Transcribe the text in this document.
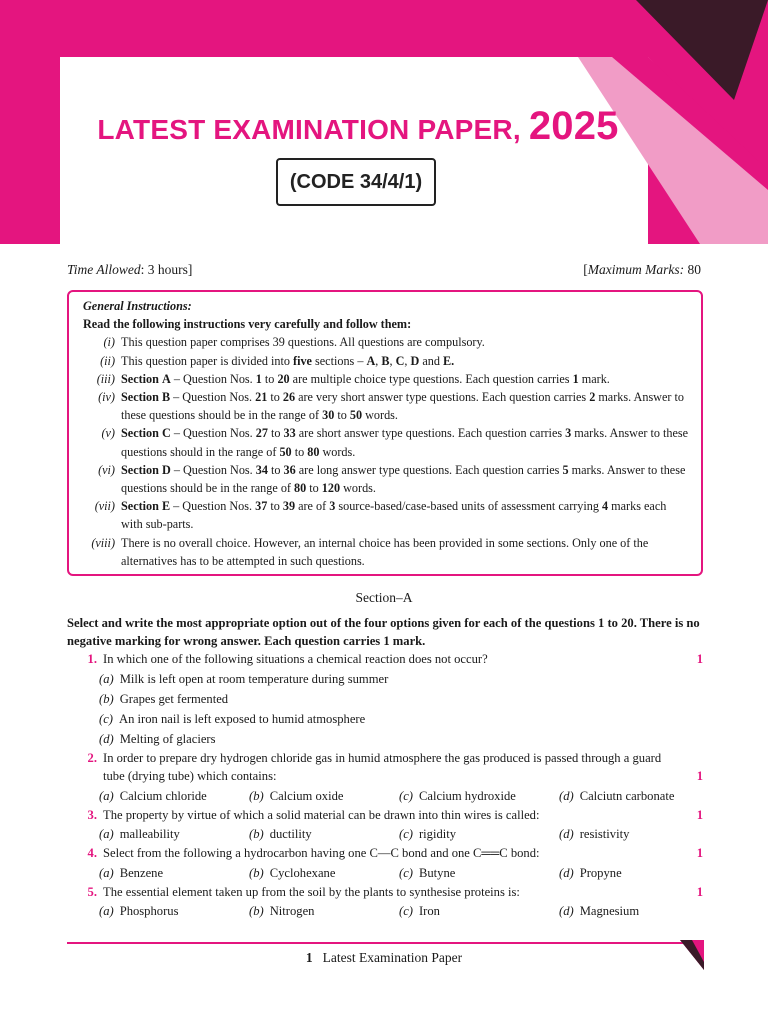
LATEST EXAMINATION PAPER, 2025
(CODE 34/4/1)
Time Allowed: 3 hours]	[Maximum Marks: 80
General Instructions:
Read the following instructions very carefully and follow them:
(i) This question paper comprises 39 questions. All questions are compulsory.
(ii) This question paper is divided into five sections – A, B, C, D and E.
(iii) Section A – Question Nos. 1 to 20 are multiple choice type questions. Each question carries 1 mark.
(iv) Section B – Question Nos. 21 to 26 are very short answer type questions. Each question carries 2 marks. Answer to these questions should be in the range of 30 to 50 words.
(v) Section C – Question Nos. 27 to 33 are short answer type questions. Each question carries 3 marks. Answer to these questions should in the range of 50 to 80 words.
(vi) Section D – Question Nos. 34 to 36 are long answer type questions. Each question carries 5 marks. Answer to these questions should be in the range of 80 to 120 words.
(vii) Section E – Question Nos. 37 to 39 are of 3 source-based/case-based units of assessment carrying 4 marks each with sub-parts.
(viii) There is no overall choice. However, an internal choice has been provided in some sections. Only one of the alternatives has to be attempted in such questions.
Section–A
Select and write the most appropriate option out of the four options given for each of the questions 1 to 20. There is no negative marking for wrong answer. Each question carries 1 mark.
1. In which one of the following situations a chemical reaction does not occur?	1
(a) Milk is left open at room temperature during summer
(b) Grapes get fermented
(c) An iron nail is left exposed to humid atmosphere
(d) Melting of glaciers
2. In order to prepare dry hydrogen chloride gas in humid atmosphere the gas produced is passed through a guard tube (drying tube) which contains:	1
(a) Calcium chloride	(b) Calcium oxide	(c) Calcium hydroxide	(d) Calciutn carbonate
3. The property by virtue of which a solid material can be drawn into thin wires is called:	1
(a) malleability	(b) ductility	(c) rigidity	(d) resistivity
4. Select from the following a hydrocarbon having one C—C bond and one C══C bond:	1
(a) Benzene	(b) Cyclohexane	(c) Butyne	(d) Propyne
5. The essential element taken up from the soil by the plants to synthesise proteins is:	1
(a) Phosphorus	(b) Nitrogen	(c) Iron	(d) Magnesium
1 Latest Examination Paper
